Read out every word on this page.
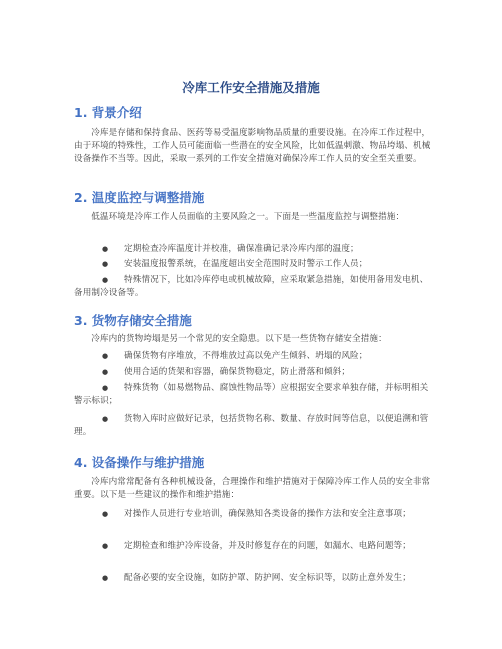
冷库工作安全措施及措施
1. 背景介绍

冷库是存储和保持食品、医药等易受温度影响物品质量的重要设施。在冷库工作过程中，由于环境的特殊性，工作人员可能面临一些潜在的安全风险，比如低温刺激、物品垮塌、机械设备操作不当等。因此，采取一系列的工作安全措施对确保冷库工作人员的安全至关重要。

2. 温度监控与调整措施

低温环境是冷库工作人员面临的主要风险之一。下面是一些温度监控与调整措施：

● 定期检查冷库温度计并校准，确保准确记录冷库内部的温度；

● 安装温度报警系统，在温度超出安全范围时及时警示工作人员；

● 特殊情况下，比如冷库停电或机械故障，应采取紧急措施，如使用备用发电机、备用制冷设备等。

3. 货物存储安全措施

冷库内的货物垮塌是另一个常见的安全隐患。以下是一些货物存储安全措施：

● 确保货物有序堆放，不得堆放过高以免产生倾斜、坍塌的风险；

● 使用合适的货架和容器，确保货物稳定，防止滑落和倾斜；

● 特殊货物（如易燃物品、腐蚀性物品等）应根据安全要求单独存储，并标明相关警示标识；

● 货物入库时应做好记录，包括货物名称、数量、存放时间等信息，以便追溯和管理。

4. 设备操作与维护措施

冷库内常常配备有各种机械设备，合理操作和维护措施对于保障冷库工作人员的安全非常重要。以下是一些建议的操作和维护措施：

● 对操作人员进行专业培训，确保熟知各类设备的操作方法和安全注意事项；

● 定期检查和维护冷库设备，并及时修复存在的问题，如漏水、电路问题等；

● 配备必要的安全设施，如防护罩、防护网、安全标识等，以防止意外发生；
